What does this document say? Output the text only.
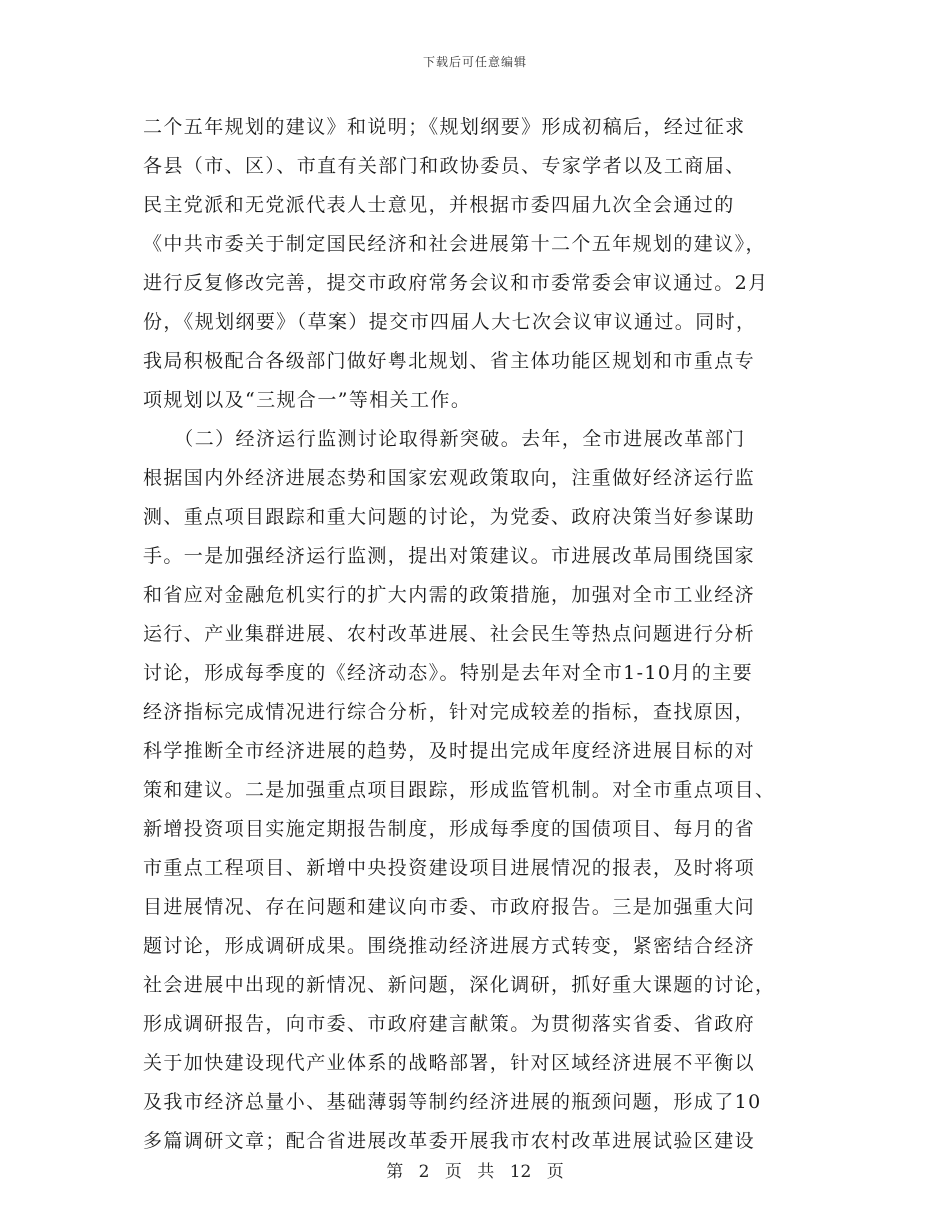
下载后可任意编辑
二个五年规划的建议》和说明；《规划纲要》形成初稿后，经过征求
各县（市、区）、市直有关部门和政协委员、专家学者以及工商届、
民主党派和无党派代表人士意见，并根据市委四届九次全会通过的
《中共市委关于制定国民经济和社会进展第十二个五年规划的建议》，
进行反复修改完善，提交市政府常务会议和市委常委会审议通过。2月
份，《规划纲要》（草案）提交市四届人大七次会议审议通过。同时，
我局积极配合各级部门做好粤北规划、省主体功能区规划和市重点专
项规划以及“三规合一”等相关工作。
　　（二）经济运行监测讨论取得新突破。去年，全市进展改革部门
根据国内外经济进展态势和国家宏观政策取向，注重做好经济运行监
测、重点项目跟踪和重大问题的讨论，为党委、政府决策当好参谋助
手。一是加强经济运行监测，提出对策建议。市进展改革局围绕国家
和省应对金融危机实行的扩大内需的政策措施，加强对全市工业经济
运行、产业集群进展、农村改革进展、社会民生等热点问题进行分析
讨论，形成每季度的《经济动态》。特别是去年对全市1-10月的主要
经济指标完成情况进行综合分析，针对完成较差的指标，查找原因，
科学推断全市经济进展的趋势，及时提出完成年度经济进展目标的对
策和建议。二是加强重点项目跟踪，形成监管机制。对全市重点项目、
新增投资项目实施定期报告制度，形成每季度的国债项目、每月的省
市重点工程项目、新增中央投资建设项目进展情况的报表，及时将项
目进展情况、存在问题和建议向市委、市政府报告。三是加强重大问
题讨论，形成调研成果。围绕推动经济进展方式转变，紧密结合经济
社会进展中出现的新情况、新问题，深化调研，抓好重大课题的讨论，
形成调研报告，向市委、市政府建言献策。为贯彻落实省委、省政府
关于加快建设现代产业体系的战略部署，针对区域经济进展不平衡以
及我市经济总量小、基础薄弱等制约经济进展的瓶颈问题，形成了10
多篇调研文章；配合省进展改革委开展我市农村改革进展试验区建设
第 2 页 共 12 页
